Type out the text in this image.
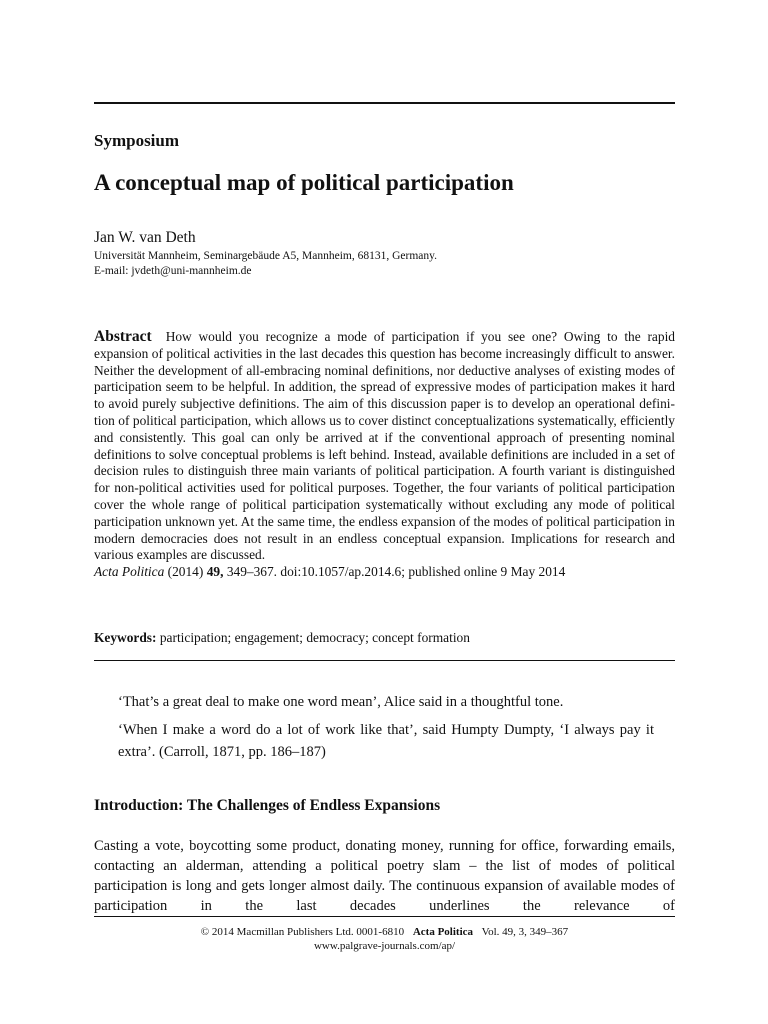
Symposium
A conceptual map of political participation
Jan W. van Deth
Universität Mannheim, Seminargebäude A5, Mannheim, 68131, Germany.
E-mail: jvdeth@uni-mannheim.de
Abstract How would you recognize a mode of participation if you see one? Owing to the rapid expansion of political activities in the last decades this question has become increasingly difficult to answer. Neither the development of all-embracing nominal definitions, nor deductive analyses of existing modes of participation seem to be helpful. In addition, the spread of expressive modes of participation makes it hard to avoid purely subjective definitions. The aim of this discussion paper is to develop an operational definition of political participation, which allows us to cover distinct conceptualizations systematically, efficiently and consistently. This goal can only be arrived at if the conventional approach of presenting nominal definitions to solve conceptual problems is left behind. Instead, available definitions are included in a set of decision rules to distinguish three main variants of political participation. A fourth variant is distinguished for non-political activities used for political purposes. Together, the four variants of political participation cover the whole range of political participation systematically without excluding any mode of political participation unknown yet. At the same time, the endless expansion of the modes of political participation in modern democracies does not result in an endless conceptual expansion. Implications for research and various examples are discussed.
Acta Politica (2014) 49, 349–367. doi:10.1057/ap.2014.6; published online 9 May 2014
Keywords: participation; engagement; democracy; concept formation

‘That’s a great deal to make one word mean’, Alice said in a thoughtful tone.

‘When I make a word do a lot of work like that’, said Humpty Dumpty, ‘I always pay it extra’. (Carroll, 1871, pp. 186–187)

Introduction: The Challenges of Endless Expansions
Casting a vote, boycotting some product, donating money, running for office, forwarding emails, contacting an alderman, attending a political poetry slam – the list of modes of political participation is long and gets longer almost daily. The continuous expansion of available modes of participation in the last decades underlines the relevance of
© 2014 Macmillan Publishers Ltd. 0001-6810 Acta Politica Vol. 49, 3, 349–367
www.palgrave-journals.com/ap/
